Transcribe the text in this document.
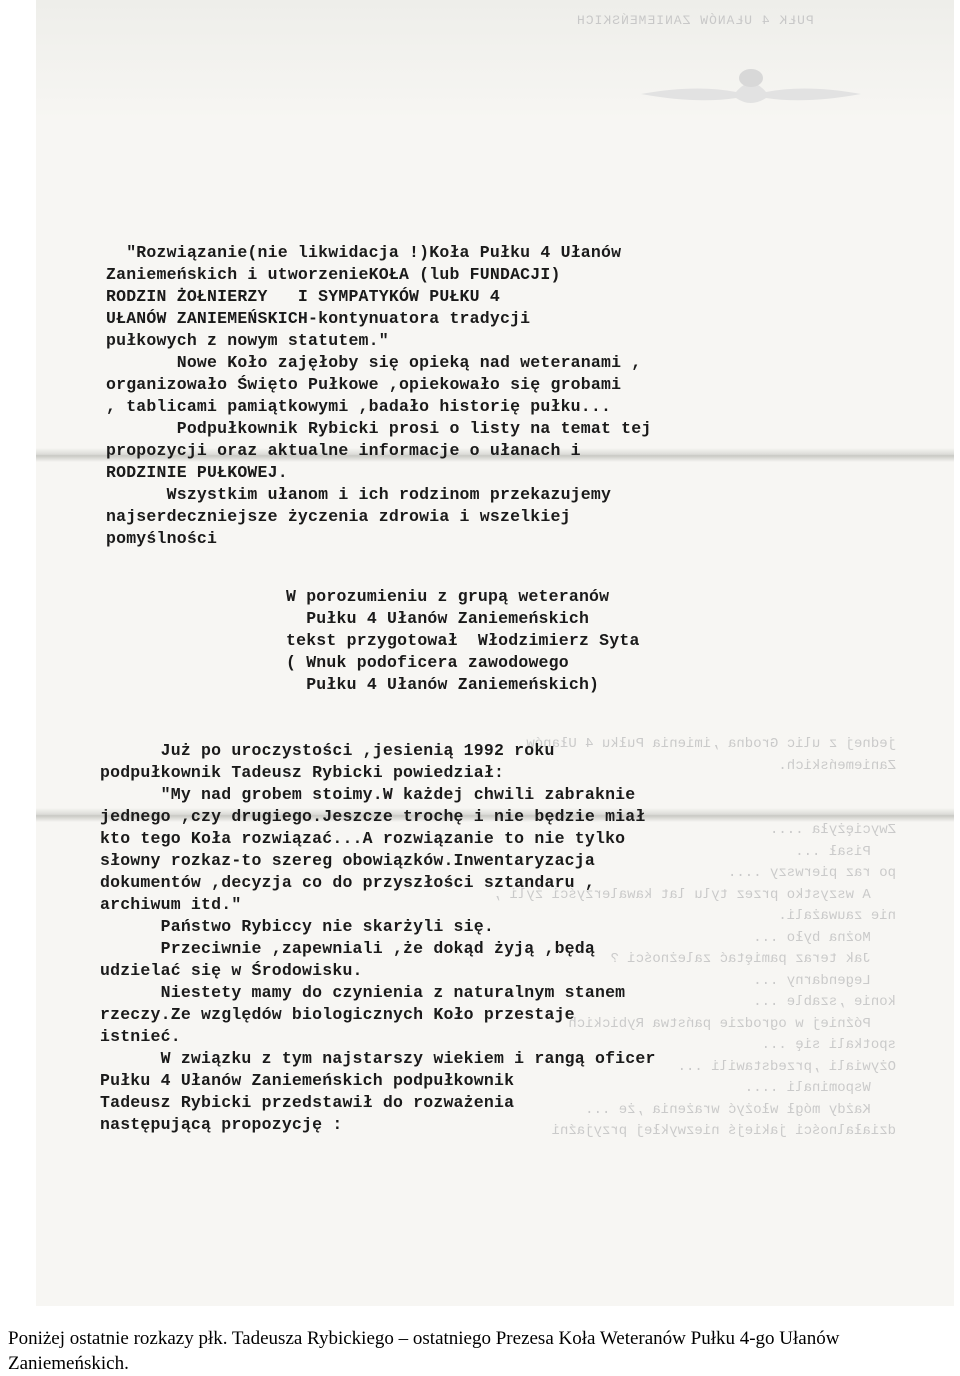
PUŁK 4 UŁANÓW ZANIEMEŃSKICH
jednej z ulic Grodna ,imienia Pułku 4 Ułanów
Zaniemeńskich.
Zwyciężyła ....
Pisał ...
po raz pierwszy ....
A wszystko przez tylu lat kawalerzyści żyli ,
nie zauważali.
Można było ...
Jak teraz pamiętać zależności ?
Legendarny ...
konie ,szable ...
Później w ogrodzie państwa Rybickich
spotkali się ...
Ożywiali ,przedstawili ...
Wspominali ....
Każdy mógł włożyć wrażenia ,że ...
działalności jakiejś niezwykłej przyjaźni

"Rozwiązanie(nie likwidacja !)Koła Pułku 4 Ułanów
Zaniemeńskich i utworzenieKOŁA (lub FUNDACJI)
RODZIN ŻOŁNIERZY   I SYMPATYKÓW PUŁKU 4
UŁANÓW ZANIEMEŃSKICH-kontynuatora tradycji
pułkowych z nowym statutem."
Nowe Koło zajęłoby się opieką nad weteranami ,
organizowało Święto Pułkowe ,opiekowało się grobami
, tablicami pamiątkowymi ,badało historię pułku...
Podpułkownik Rybicki prosi o listy na temat tej
propozycji oraz aktualne informacje o ułanach i
RODZINIE PUŁKOWEJ.
Wszystkim ułanom i ich rodzinom przekazujemy
najserdeczniejsze życzenia zdrowia i wszelkiej
pomyślności
W porozumieniu z grupą weteranów
Pułku 4 Ułanów Zaniemeńskich
tekst przygotował  Włodzimierz Syta
( Wnuk podoficera zawodowego
Pułku 4 Ułanów Zaniemeńskich)

Już po uroczystości ,jesienią 1992 roku
podpułkownik Tadeusz Rybicki powiedział:
"My nad grobem stoimy.W każdej chwili zabraknie
jednego ,czy drugiego.Jeszcze trochę i nie będzie miał
kto tego Koła rozwiązać...A rozwiązanie to nie tylko
słowny rozkaz-to szereg obowiązków.Inwentaryzacja
dokumentów ,decyzja co do przyszłości sztandaru ,
archiwum itd."
Państwo Rybiccy nie skarżyli się.
Przeciwnie ,zapewniali ,że dokąd żyją ,będą
udzielać się w Środowisku.
Niestety mamy do czynienia z naturalnym stanem
rzeczy.Ze względów biologicznych Koło przestaje
istnieć.
W związku z tym najstarszy wiekiem i rangą oficer
Pułku 4 Ułanów Zaniemeńskich podpułkownik
Tadeusz Rybicki przedstawił do rozważenia
następującą propozycję :
Poniżej ostatnie rozkazy płk. Tadeusza Rybickiego – ostatniego Prezesa Koła Weteranów Pułku 4-go Ułanów Zaniemeńskich.
